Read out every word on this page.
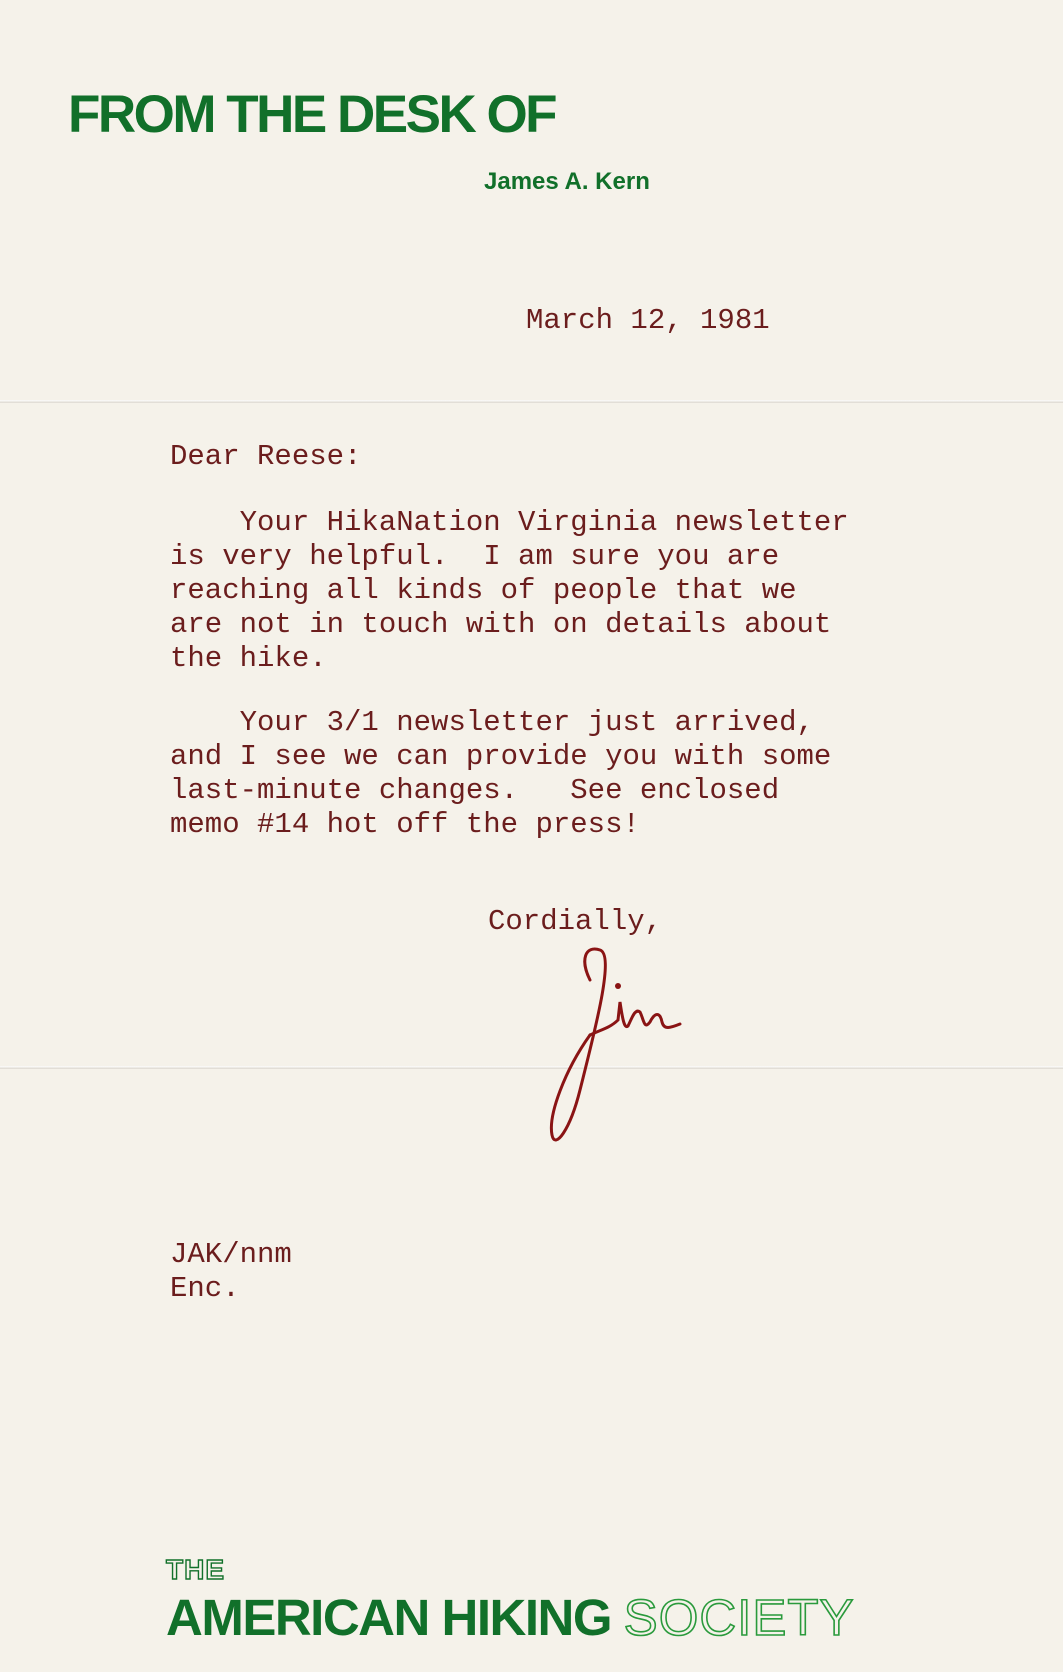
FROM THE DESK OF
James A. Kern
March 12, 1981
Dear Reese:
Your HikaNation Virginia newsletter
is very helpful.  I am sure you are
reaching all kinds of people that we
are not in touch with on details about
the hike.
Your 3/1 newsletter just arrived,
and I see we can provide you with some
last-minute changes.   See enclosed
memo #14 hot off the press!
Cordially,
JAK/nnm
Enc.
THE
AMERICAN HIKING SOCIETY
